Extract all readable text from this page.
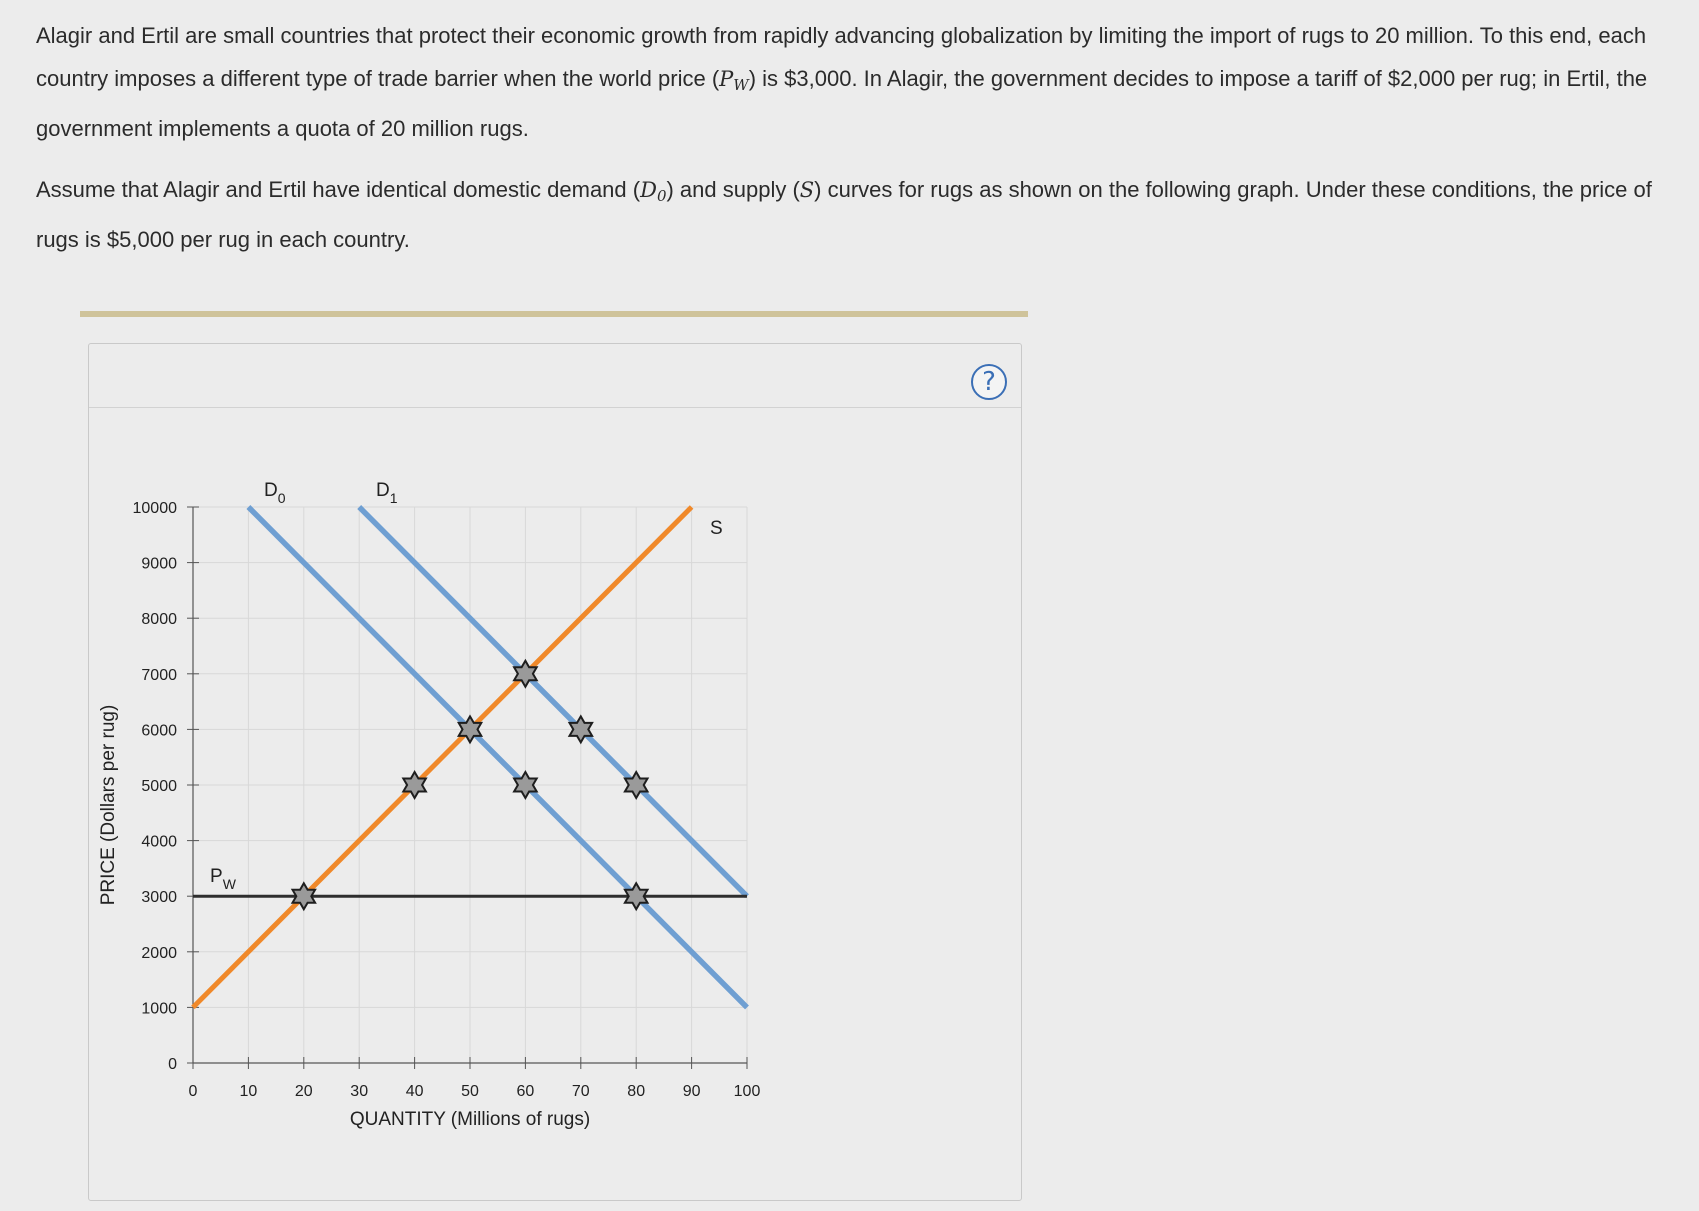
Alagir and Ertil are small countries that protect their economic growth from rapidly advancing globalization by limiting the import of rugs to 20 million. To this end, each country imposes a different type of trade barrier when the world price $(P_W)$ is $3,000. In Alagir, the government decides to impose a tariff of $2,000 per rug; in Ertil, the government implements a quota of 20 million rugs.

Assume that Alagir and Ertil have identical domestic demand $(D_0)$ and supply (S) curves for rugs as shown on the following graph. Under these conditions, the price of rugs is $5,000 per rug in each country.

?
0	10 20 30 40 50 60 70 80 90 100
0
1000
2000
3000
4000
5000
6000
7000
8000
9000
10000
QUANTITY (Millions of rugs)
PRICE (Dollars per rug)
$D_0$	$D_1$
S
$P_W$
